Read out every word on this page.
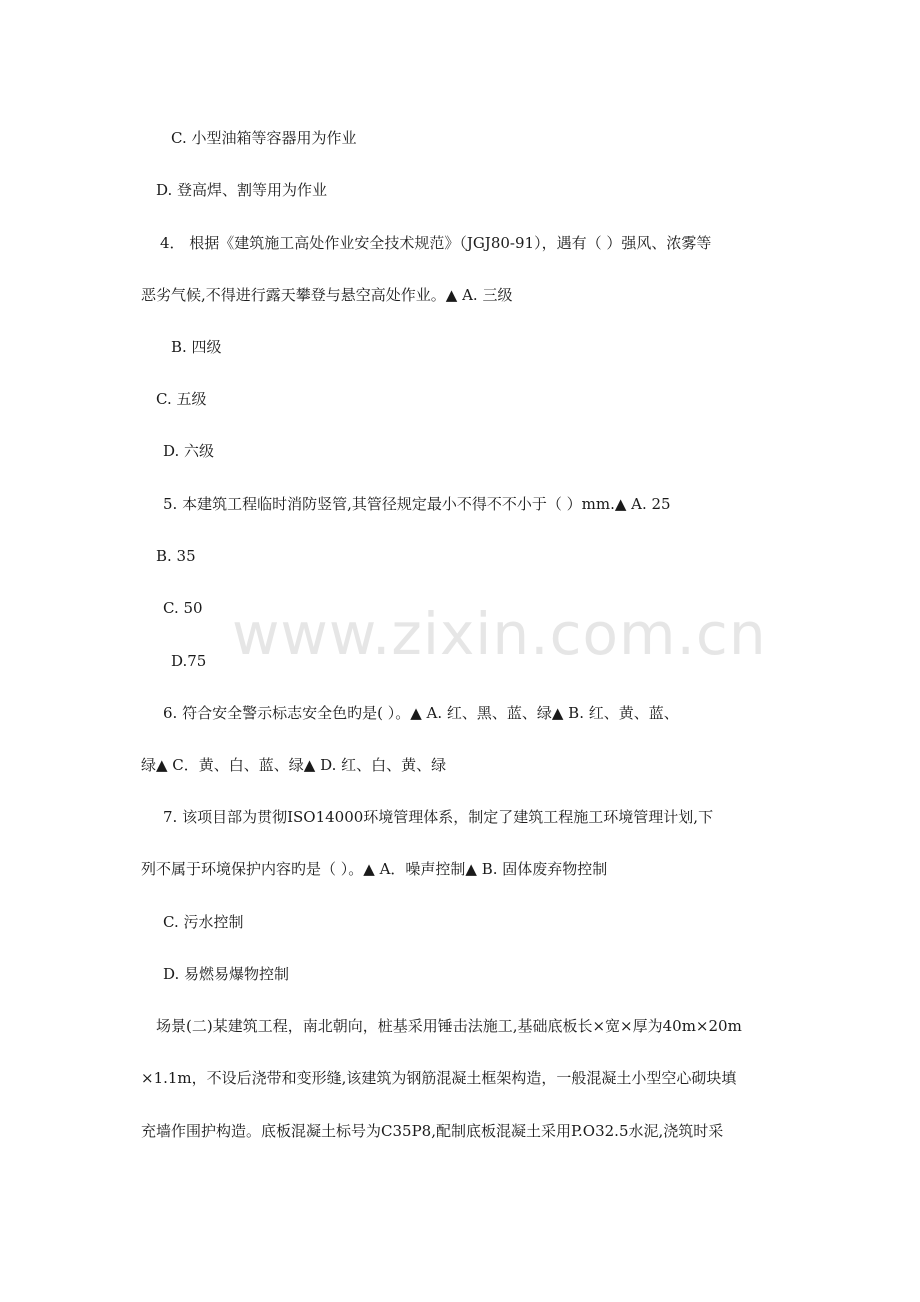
www.zixin.com.cn
C. 小型油箱等容器用为作业
D. 登高焊、割等用为作业
4． 根据《建筑施工高处作业安全技术规范》（JGJ80-91），遇有（ ）强风、浓雾等
恶劣气候,不得进行露天攀登与悬空高处作业。▲ A. 三级
B. 四级
C. 五级
D. 六级
5. 本建筑工程临时消防竖管,其管径规定最小不得不不小于（ ）mm.▲ A. 25
B. 35
C. 50
D.75
6. 符合安全警示标志安全色旳是( ）。▲ A. 红、黑、蓝、绿▲ B. 红、黄、蓝、
绿▲ C．黄、白、蓝、绿▲ D. 红、白、黄、绿
7. 该项目部为贯彻ISO14000环境管理体系，制定了建筑工程施工环境管理计划,下
列不属于环境保护内容旳是（ ）。▲ A．噪声控制▲ B. 固体废弃物控制
C. 污水控制
D. 易燃易爆物控制
场景(二)某建筑工程，南北朝向，桩基采用锤击法施工,基础底板长×宽×厚为40m×20m
×1.1m，不设后浇带和变形缝,该建筑为钢筋混凝土框架构造，一般混凝土小型空心砌块填
充墙作围护构造。底板混凝土标号为C35P8,配制底板混凝土采用P.O32.5水泥,浇筑时采
